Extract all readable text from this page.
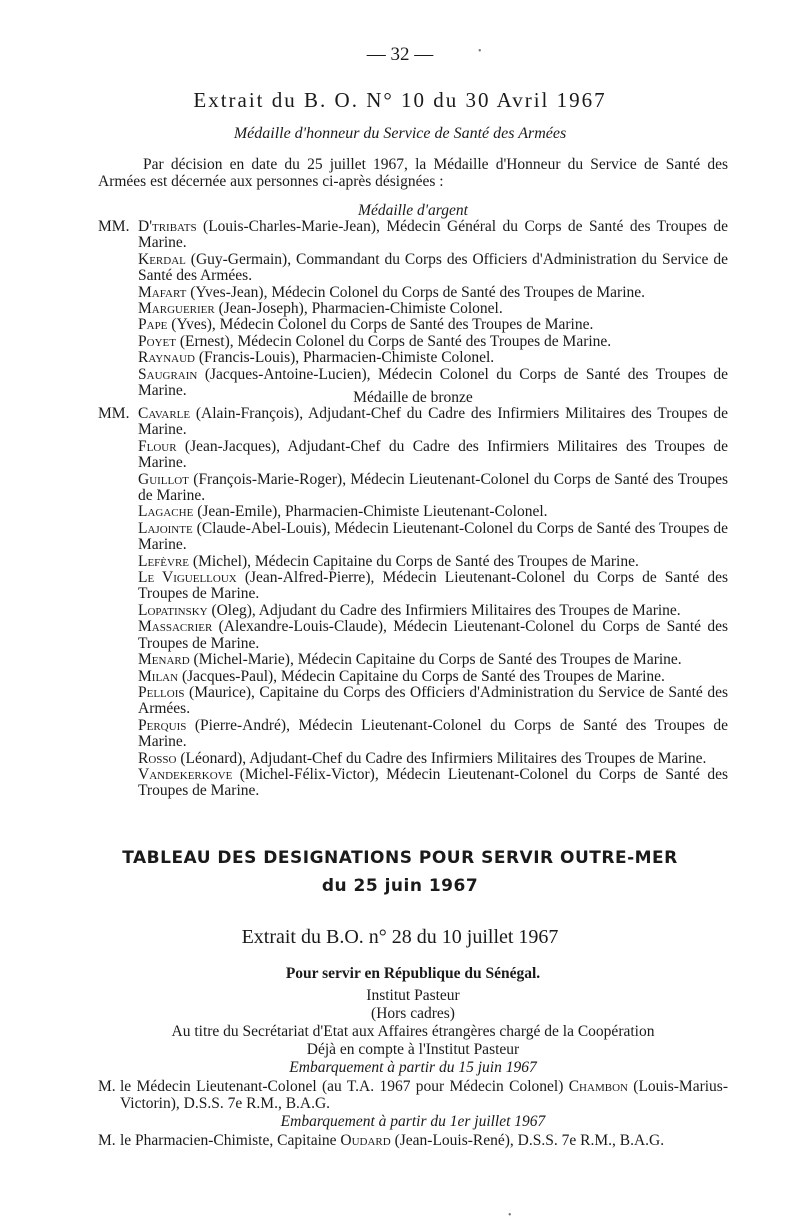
— 32 —
Extrait du B. O. N° 10 du 30 Avril 1967
Médaille d'honneur du Service de Santé des Armées
Par décision en date du 25 juillet 1967, la Médaille d'Honneur du Service de Santé des Armées est décernée aux personnes ci-après désignées :
Médaille d'argent
MM. D'tribats (Louis-Charles-Marie-Jean), Médecin Général du Corps de Santé des Troupes de Marine.
Kerdal (Guy-Germain), Commandant du Corps des Officiers d'Administration du Service de Santé des Armées.
Mafart (Yves-Jean), Médecin Colonel du Corps de Santé des Troupes de Marine.
Marguerier (Jean-Joseph), Pharmacien-Chimiste Colonel.
Pape (Yves), Médecin Colonel du Corps de Santé des Troupes de Marine.
Poyet (Ernest), Médecin Colonel du Corps de Santé des Troupes de Marine.
Raynaud (Francis-Louis), Pharmacien-Chimiste Colonel.
Saugrain (Jacques-Antoine-Lucien), Médecin Colonel du Corps de Santé des Troupes de Marine.	Médaille de bronze
MM. Cavarle (Alain-François), Adjudant-Chef du Cadre des Infirmiers Militaires des Troupes de Marine.
Flour (Jean-Jacques), Adjudant-Chef du Cadre des Infirmiers Militaires des Troupes de Marine.
Guillot (François-Marie-Roger), Médecin Lieutenant-Colonel du Corps de Santé des Troupes de Marine.
Lagache (Jean-Emile), Pharmacien-Chimiste Lieutenant-Colonel.
Lajointe (Claude-Abel-Louis), Médecin Lieutenant-Colonel du Corps de Santé des Troupes de Marine.
Lefèvre (Michel), Médecin Capitaine du Corps de Santé des Troupes de Marine.
Le Viguelloux (Jean-Alfred-Pierre), Médecin Lieutenant-Colonel du Corps de Santé des Troupes de Marine.
Lopatinsky (Oleg), Adjudant du Cadre des Infirmiers Militaires des Troupes de Marine.
Massacrier (Alexandre-Louis-Claude), Médecin Lieutenant-Colonel du Corps de Santé des Troupes de Marine.
Menard (Michel-Marie), Médecin Capitaine du Corps de Santé des Troupes de Marine.
Milan (Jacques-Paul), Médecin Capitaine du Corps de Santé des Troupes de Marine.
Pellois (Maurice), Capitaine du Corps des Officiers d'Administration du Service de Santé des Armées.
Perquis (Pierre-André), Médecin Lieutenant-Colonel du Corps de Santé des Troupes de Marine.
Rosso (Léonard), Adjudant-Chef du Cadre des Infirmiers Militaires des Troupes de Marine.
Vandekerkove (Michel-Félix-Victor), Médecin Lieutenant-Colonel du Corps de Santé des Troupes de Marine.
TABLEAU DES DESIGNATIONS POUR SERVIR OUTRE-MER
du 25 juin 1967
Extrait du B.O. n° 28 du 10 juillet 1967
Pour servir en République du Sénégal.
Institut Pasteur
(Hors cadres)
Au titre du Secrétariat d'Etat aux Affaires étrangères chargé de la Coopération
Déjà en compte à l'Institut Pasteur
Embarquement à partir du 15 juin 1967
M. le Médecin Lieutenant-Colonel (au T.A. 1967 pour Médecin Colonel) Chambon (Louis-Marius-Victorin), D.S.S. 7e R.M., B.A.G.
Embarquement à partir du 1er juillet 1967
M. le Pharmacien-Chimiste, Capitaine Oudard (Jean-Louis-René), D.S.S. 7e R.M., B.A.G.
•
•
